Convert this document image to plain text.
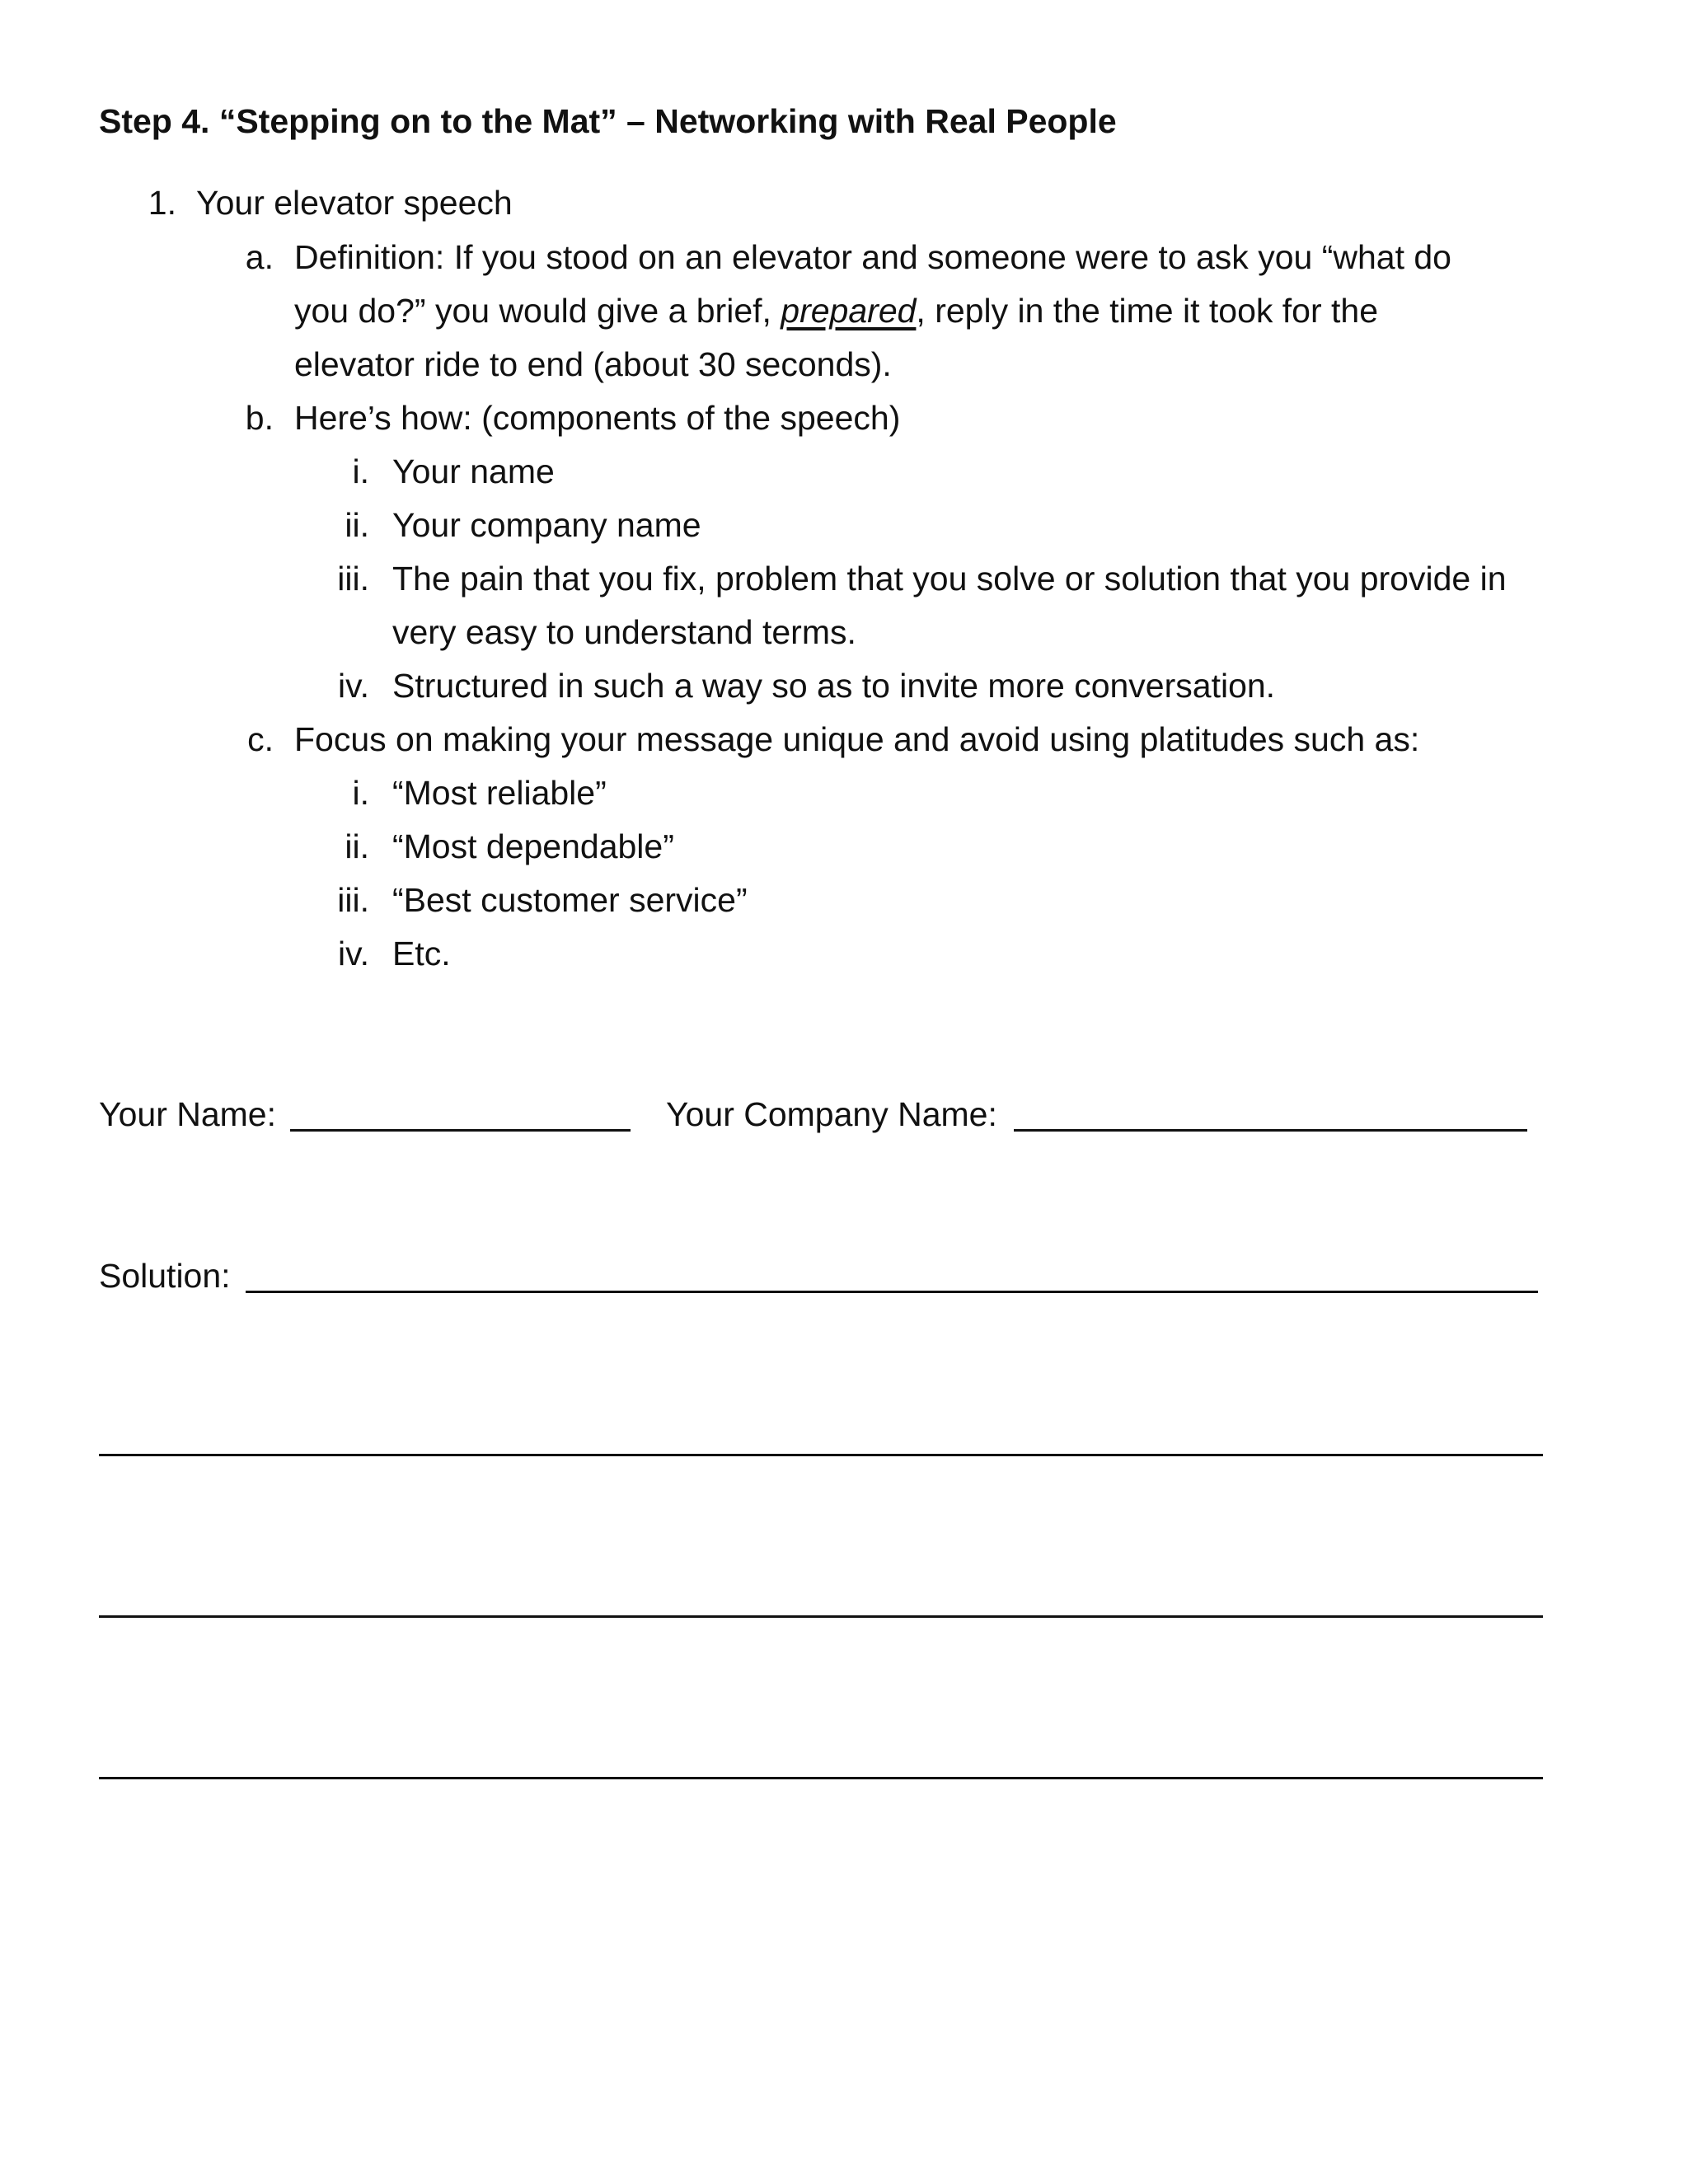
Step 4. “Stepping on to the Mat” – Networking with Real People
1. Your elevator speech
a. Definition: If you stood on an elevator and someone were to ask you “what do
you do?” you would give a brief, prepared, reply in the time it took for the
elevator ride to end (about 30 seconds).
b. Here’s how: (components of the speech)
i. Your name
ii. Your company name
iii. The pain that you fix, problem that you solve or solution that you provide in
very easy to understand terms.
iv. Structured in such a way so as to invite more conversation.
c. Focus on making your message unique and avoid using platitudes such as:
i. “Most reliable”
ii. “Most dependable”
iii. “Best customer service”
iv. Etc.
Your Name:	Your Company Name:
Solution:
